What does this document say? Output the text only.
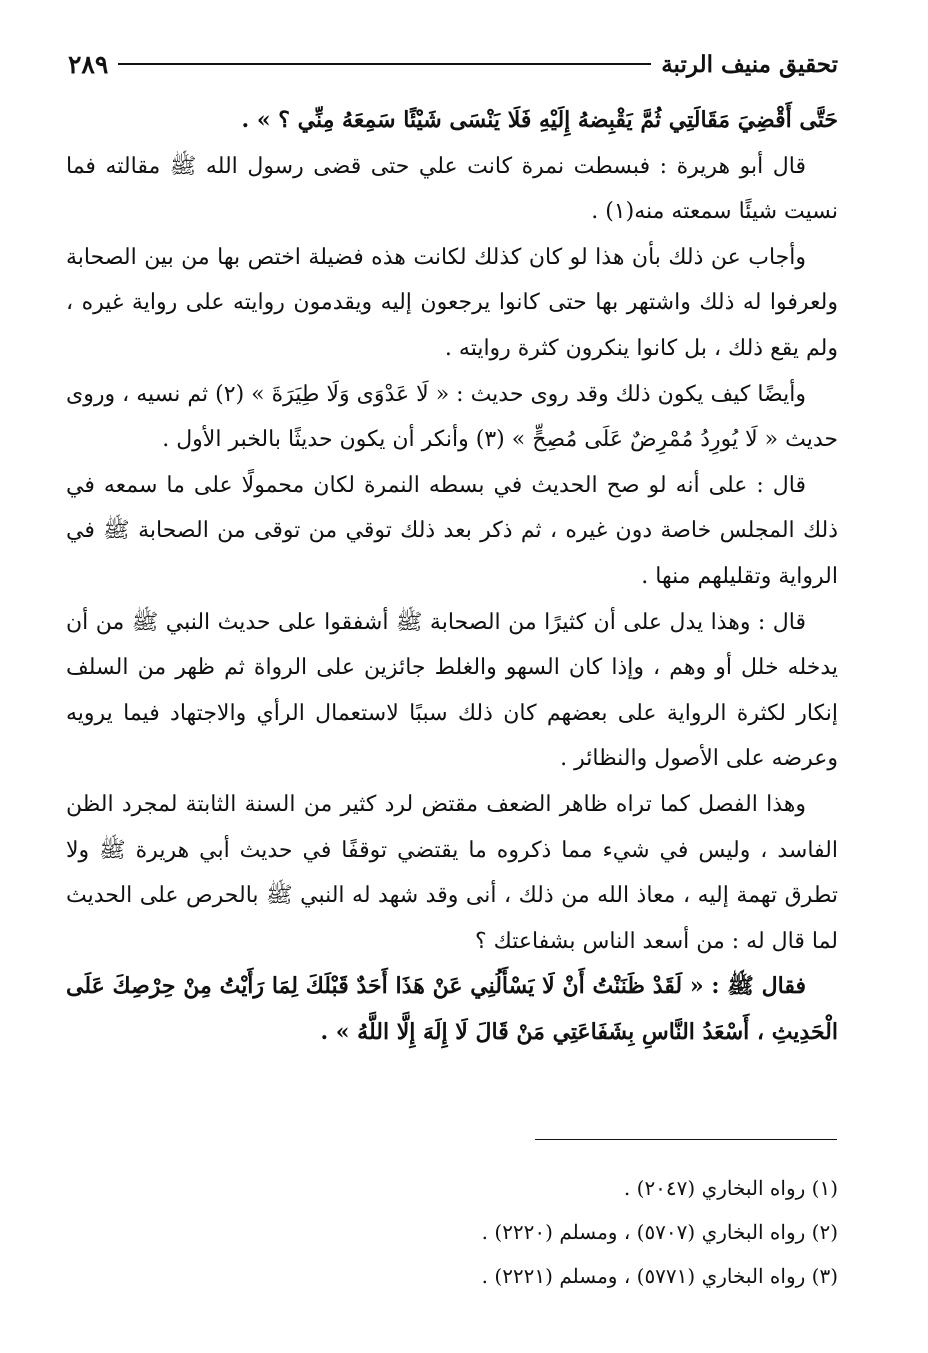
تحقيق منيف الرتبة
٢٨٩

حَتَّى أَقْضِيَ مَقَالَتِي ثُمَّ يَقْبِضهُ إِلَيْهِ فَلَا يَنْسَى شَيْئًا سَمِعَهُ مِنِّي ؟ » .

قال أبو هريرة : فبسطت نمرة كانت علي حتى قضى رسول الله ﷺ مقالته فما نسيت شيئًا سمعته منه(١) .

وأجاب عن ذلك بأن هذا لو كان كذلك لكانت هذه فضيلة اختص بها من بين الصحابة ولعرفوا له ذلك واشتهر بها حتى كانوا يرجعون إليه ويقدمون روايته على رواية غيره ، ولم يقع ذلك ، بل كانوا ينكرون كثرة روايته .

وأيضًا كيف يكون ذلك وقد روى حديث : « لَا عَدْوَى وَلَا طِيَرَةَ » (٢) ثم نسيه ، وروى حديث « لَا يُورِدُ مُمْرِضٌ عَلَى مُصِحٍّ » (٣) وأنكر أن يكون حديثًا بالخبر الأول .

قال : على أنه لو صح الحديث في بسطه النمرة لكان محمولًا على ما سمعه في ذلك المجلس خاصة دون غيره ، ثم ذكر بعد ذلك توقي من توقى من الصحابة ﷺ في الرواية وتقليلهم منها .

قال : وهذا يدل على أن كثيرًا من الصحابة ﷺ أشفقوا على حديث النبي ﷺ من أن يدخله خلل أو وهم ، وإذا كان السهو والغلط جائزين على الرواة ثم ظهر من السلف إنكار لكثرة الرواية على بعضهم كان ذلك سببًا لاستعمال الرأي والاجتهاد فيما يرويه وعرضه على الأصول والنظائر .

وهذا الفصل كما تراه ظاهر الضعف مقتض لرد كثير من السنة الثابتة لمجرد الظن الفاسد ، وليس في شيء مما ذكروه ما يقتضي توقفًا في حديث أبي هريرة ﷺ ولا تطرق تهمة إليه ، معاذ الله من ذلك ، أنى وقد شهد له النبي ﷺ بالحرص على الحديث لما قال له : من أسعد الناس بشفاعتك ؟

فقال ﷺ : « لَقَدْ ظَنَنْتُ أَنْ لَا يَسْأَلُنِي عَنْ هَذَا أَحَدٌ قَبْلَكَ لِمَا رَأَيْتُ مِنْ حِرْصِكَ عَلَى الْحَدِيثِ ، أَسْعَدُ النَّاسِ بِشَفَاعَتِي مَنْ قَالَ لَا إِلَهَ إِلَّا اللَّهُ » .

(١) رواه البخاري (٢٠٤٧) .
(٢) رواه البخاري (٥٧٠٧) ، ومسلم (٢٢٢٠) .
(٣) رواه البخاري (٥٧٧١) ، ومسلم (٢٢٢١) .
